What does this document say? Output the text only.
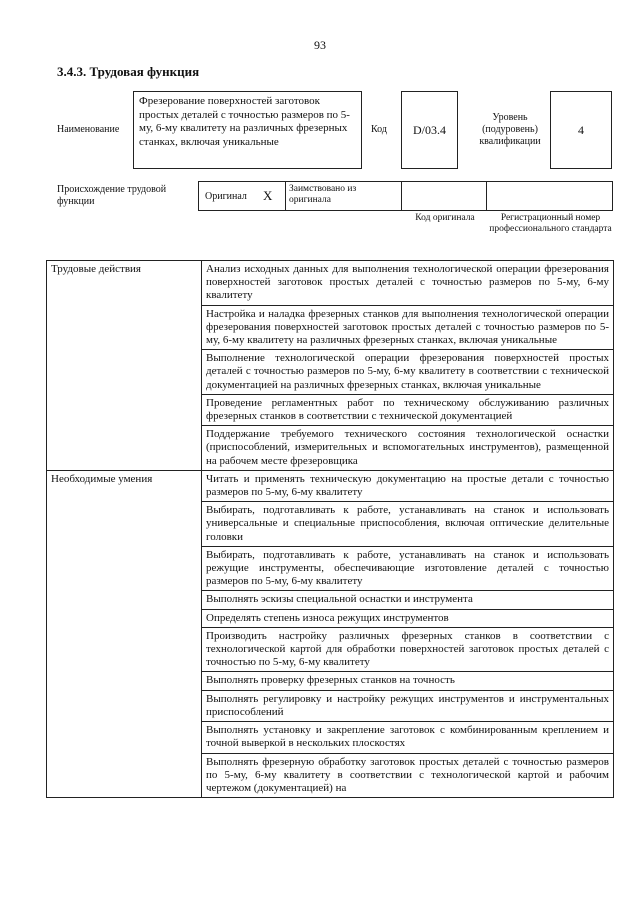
93
3.4.3. Трудовая функция
Наименование
Фрезерование поверхностей заготовок простых деталей с точностью размеров по 5-му, 6-му квалитету на различных фрезерных станках, включая уникальные
Код	D/03.4
Уровень (подуровень) квалификации
4
Происхождение трудовой функции	Оригинал X	Заимствовано из оригинала
Код оригинала	Регистрационный номер профессионального стандарта
Трудовые действия	Анализ исходных данных для выполнения технологической операции фрезерования поверхностей заготовок простых деталей с точностью размеров по 5-му, 6-му квалитету
	Настройка и наладка фрезерных станков для выполнения технологической операции фрезерования поверхностей заготовок простых деталей с точностью размеров по 5-му, 6-му квалитету на различных фрезерных станках, включая уникальные
	Выполнение технологической операции фрезерования поверхностей простых деталей с точностью размеров по 5-му, 6-му квалитету в соответствии с технической документацией на различных фрезерных станках, включая уникальные
	Проведение регламентных работ по техническому обслуживанию различных фрезерных станков в соответствии с технической документацией
	Поддержание требуемого технического состояния технологической оснастки (приспособлений, измерительных и вспомогательных инструментов), размещенной на рабочем месте фрезеровщика
Необходимые умения	Читать и применять техническую документацию на простые детали с точностью размеров по 5-му, 6-му квалитету
	Выбирать, подготавливать к работе, устанавливать на станок и использовать универсальные и специальные приспособления, включая оптические делительные головки
	Выбирать, подготавливать к работе, устанавливать на станок и использовать режущие инструменты, обеспечивающие изготовление деталей с точностью размеров по 5-му, 6-му квалитету
	Выполнять эскизы специальной оснастки и инструмента
	Определять степень износа режущих инструментов
	Производить настройку различных фрезерных станков в соответствии с технологической картой для обработки поверхностей заготовок простых деталей с точностью по 5-му, 6-му квалитету
	Выполнять проверку фрезерных станков на точность
	Выполнять регулировку и настройку режущих инструментов и инструментальных приспособлений
	Выполнять установку и закрепление заготовок с комбинированным креплением и точной выверкой в нескольких плоскостях
	Выполнять фрезерную обработку заготовок простых деталей с точностью размеров по 5-му, 6-му квалитету в соответствии с технологической картой и рабочим чертежом (документацией) на
